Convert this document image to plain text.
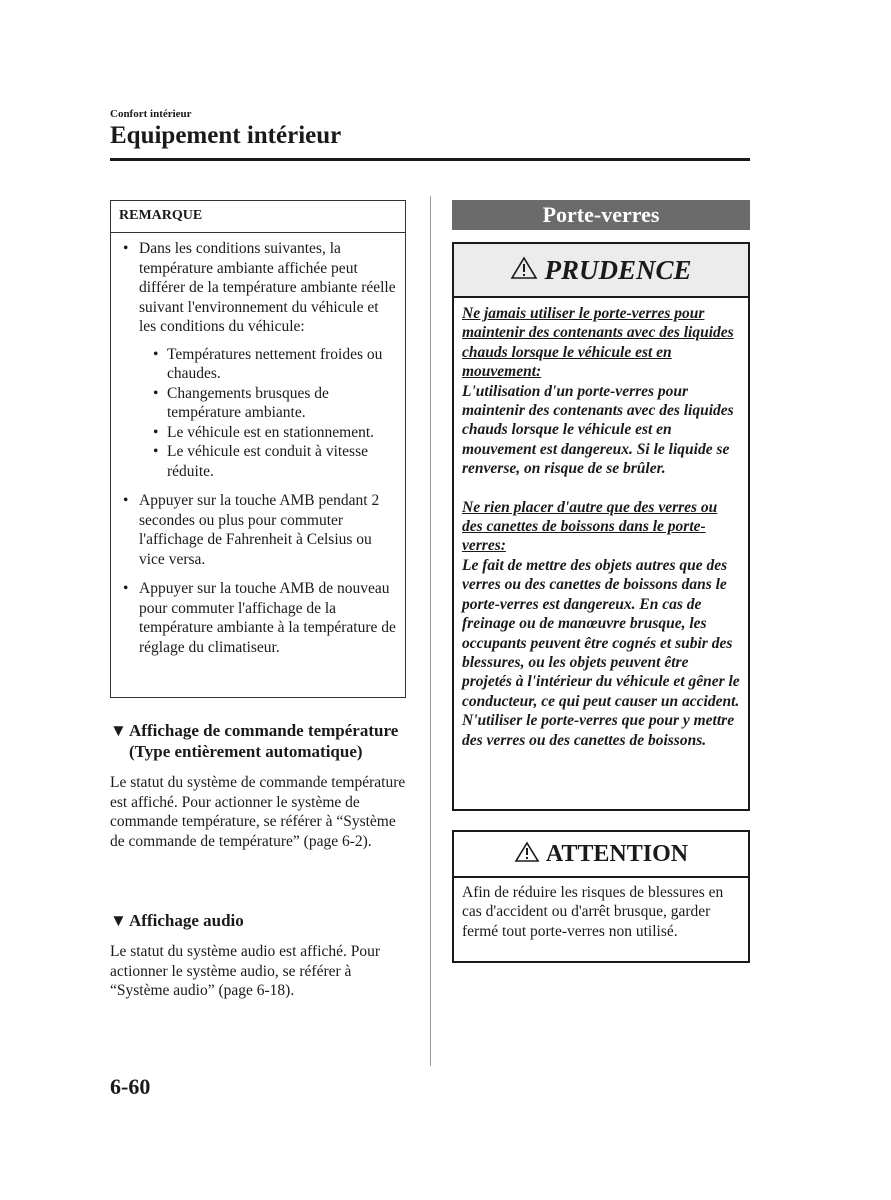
Confort intérieur
Equipement intérieur
REMARQUE
• Dans les conditions suivantes, la température ambiante affichée peut différer de la température ambiante réelle suivant l'environnement du véhicule et les conditions du véhicule:
• Températures nettement froides ou chaudes.
• Changements brusques de température ambiante.
• Le véhicule est en stationnement.
• Le véhicule est conduit à vitesse réduite.
• Appuyer sur la touche AMB pendant 2 secondes ou plus pour commuter l'affichage de Fahrenheit à Celsius ou vice versa.
• Appuyer sur la touche AMB de nouveau pour commuter l'affichage de la température ambiante à la température de réglage du climatiseur.
▼ Affichage de commande température (Type entièrement automatique)
Le statut du système de commande température est affiché. Pour actionner le système de commande température, se référer à “Système de commande de température” (page 6-2).
▼ Affichage audio
Le statut du système audio est affiché. Pour actionner le système audio, se référer à “Système audio” (page 6-18).
Porte-verres
PRUDENCE
Ne jamais utiliser le porte-verres pour maintenir des contenants avec des liquides chauds lorsque le véhicule est en mouvement:
L'utilisation d'un porte-verres pour maintenir des contenants avec des liquides chauds lorsque le véhicule est en mouvement est dangereux. Si le liquide se renverse, on risque de se brûler.
Ne rien placer d'autre que des verres ou des canettes de boissons dans le porte-verres:
Le fait de mettre des objets autres que des verres ou des canettes de boissons dans le porte-verres est dangereux. En cas de freinage ou de manœuvre brusque, les occupants peuvent être cognés et subir des blessures, ou les objets peuvent être projetés à l'intérieur du véhicule et gêner le conducteur, ce qui peut causer un accident. N'utiliser le porte-verres que pour y mettre des verres ou des canettes de boissons.
ATTENTION
Afin de réduire les risques de blessures en cas d'accident ou d'arrêt brusque, garder fermé tout porte-verres non utilisé.
6-60
